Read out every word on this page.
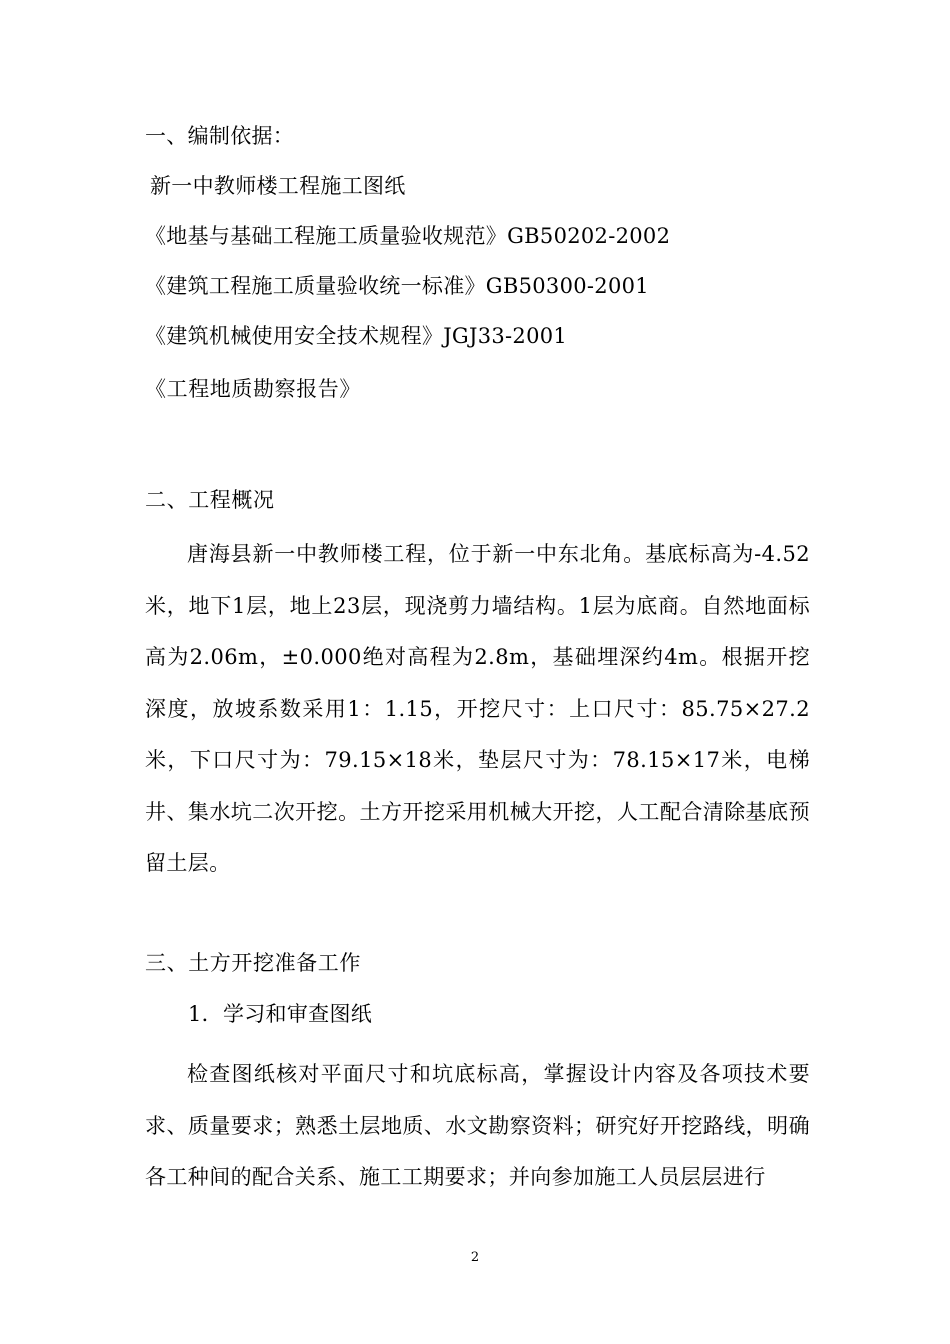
一、编制依据：
新一中教师楼工程施工图纸
《地基与基础工程施工质量验收规范》GB50202-2002
《建筑工程施工质量验收统一标准》GB50300-2001
《建筑机械使用安全技术规程》JGJ33-2001
《工程地质勘察报告》
二、工程概况
唐海县新一中教师楼工程，位于新一中东北角。基底标高为-4.52米，地下1层，地上23层，现浇剪力墙结构。1层为底商。自然地面标高为2.06m，±0.000绝对高程为2.8m，基础埋深约4m。根据开挖深度，放坡系数采用1：1.15，开挖尺寸：上口尺寸：85.75×27.2米，下口尺寸为：79.15×18米，垫层尺寸为：78.15×17米，电梯井、集水坑二次开挖。土方开挖采用机械大开挖，人工配合清除基底预留土层。
三、土方开挖准备工作
1．学习和审查图纸
检查图纸核对平面尺寸和坑底标高，掌握设计内容及各项技术要求、质量要求；熟悉土层地质、水文勘察资料；研究好开挖路线，明确各工种间的配合关系、施工工期要求；并向参加施工人员层层进行
2
